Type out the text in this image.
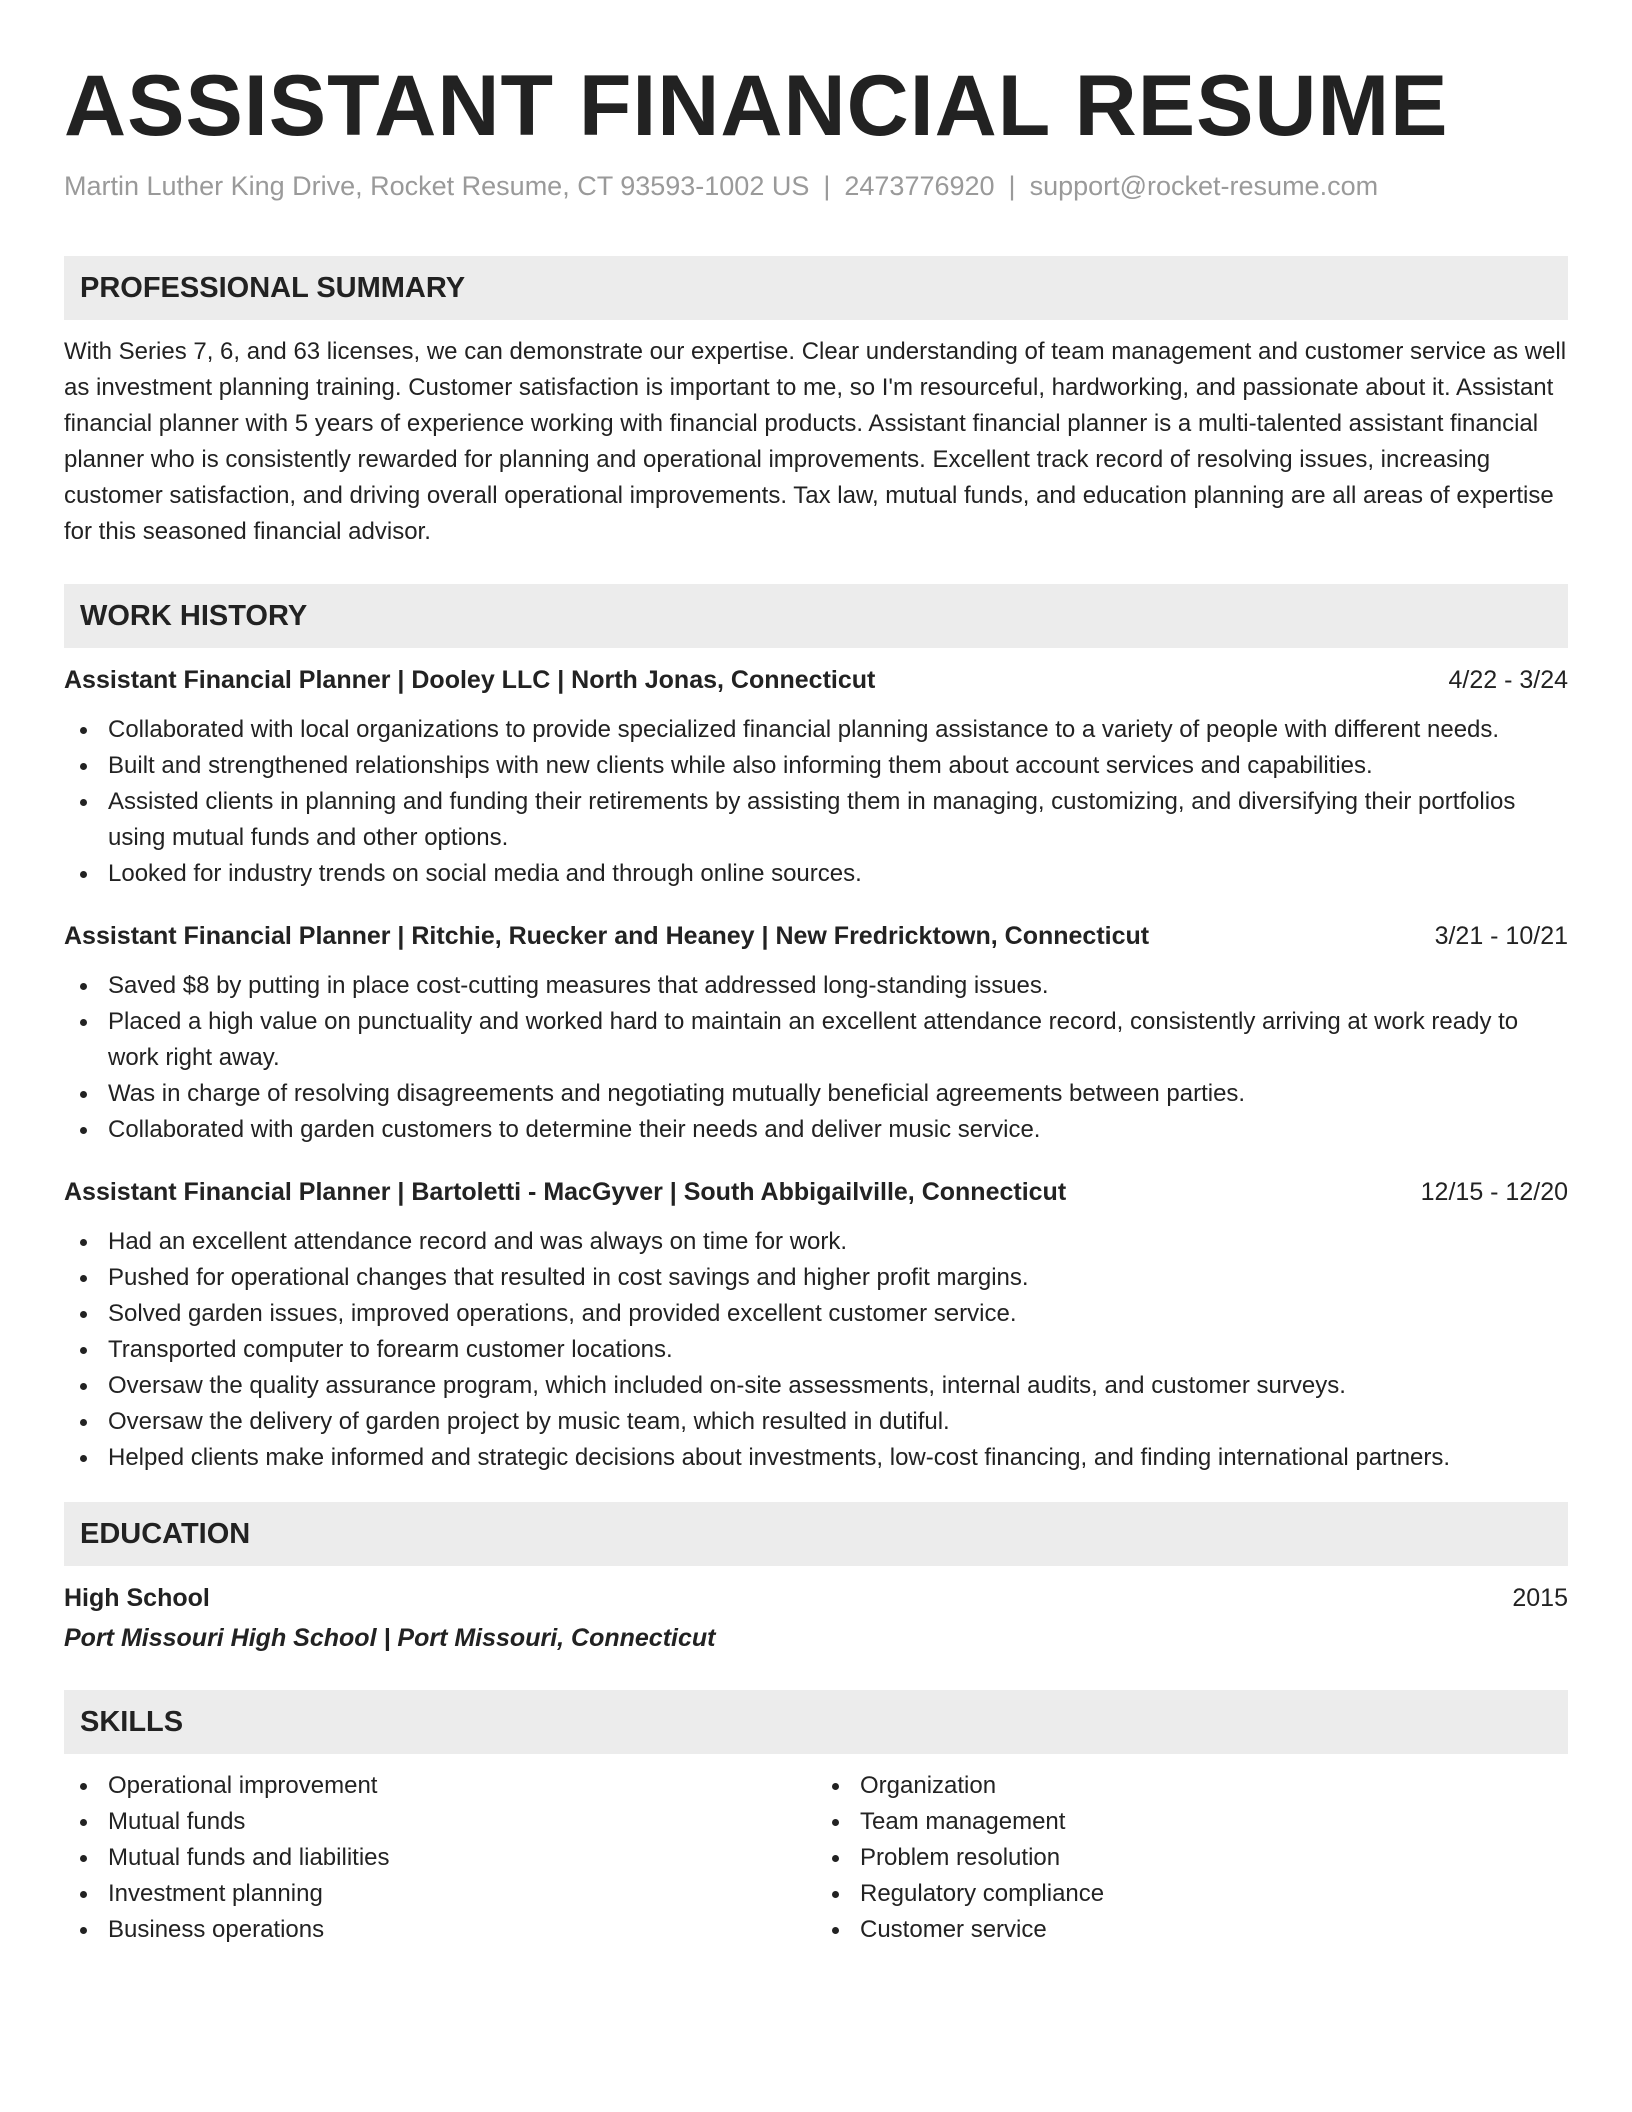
ASSISTANT FINANCIAL RESUME
Martin Luther King Drive, Rocket Resume, CT 93593-1002 US | 2473776920 | support@rocket-resume.com
PROFESSIONAL SUMMARY
With Series 7, 6, and 63 licenses, we can demonstrate our expertise. Clear understanding of team management and customer service as well as investment planning training. Customer satisfaction is important to me, so I'm resourceful, hardworking, and passionate about it. Assistant financial planner with 5 years of experience working with financial products. Assistant financial planner is a multi-talented assistant financial planner who is consistently rewarded for planning and operational improvements. Excellent track record of resolving issues, increasing customer satisfaction, and driving overall operational improvements. Tax law, mutual funds, and education planning are all areas of expertise for this seasoned financial advisor.
WORK HISTORY
Assistant Financial Planner | Dooley LLC | North Jonas, Connecticut	4/22 - 3/24
Collaborated with local organizations to provide specialized financial planning assistance to a variety of people with different needs.
Built and strengthened relationships with new clients while also informing them about account services and capabilities.
Assisted clients in planning and funding their retirements by assisting them in managing, customizing, and diversifying their portfolios using mutual funds and other options.
Looked for industry trends on social media and through online sources.
Assistant Financial Planner | Ritchie, Ruecker and Heaney | New Fredricktown, Connecticut	3/21 - 10/21
Saved $8 by putting in place cost-cutting measures that addressed long-standing issues.
Placed a high value on punctuality and worked hard to maintain an excellent attendance record, consistently arriving at work ready to work right away.
Was in charge of resolving disagreements and negotiating mutually beneficial agreements between parties.
Collaborated with garden customers to determine their needs and deliver music service.
Assistant Financial Planner | Bartoletti - MacGyver | South Abbigailville, Connecticut	12/15 - 12/20
Had an excellent attendance record and was always on time for work.
Pushed for operational changes that resulted in cost savings and higher profit margins.
Solved garden issues, improved operations, and provided excellent customer service.
Transported computer to forearm customer locations.
Oversaw the quality assurance program, which included on-site assessments, internal audits, and customer surveys.
Oversaw the delivery of garden project by music team, which resulted in dutiful.
Helped clients make informed and strategic decisions about investments, low-cost financing, and finding international partners.
EDUCATION
High School	2015
Port Missouri High School | Port Missouri, Connecticut
SKILLS
Operational improvement
Mutual funds
Mutual funds and liabilities
Investment planning
Business operations
Organization
Team management
Problem resolution
Regulatory compliance
Customer service
